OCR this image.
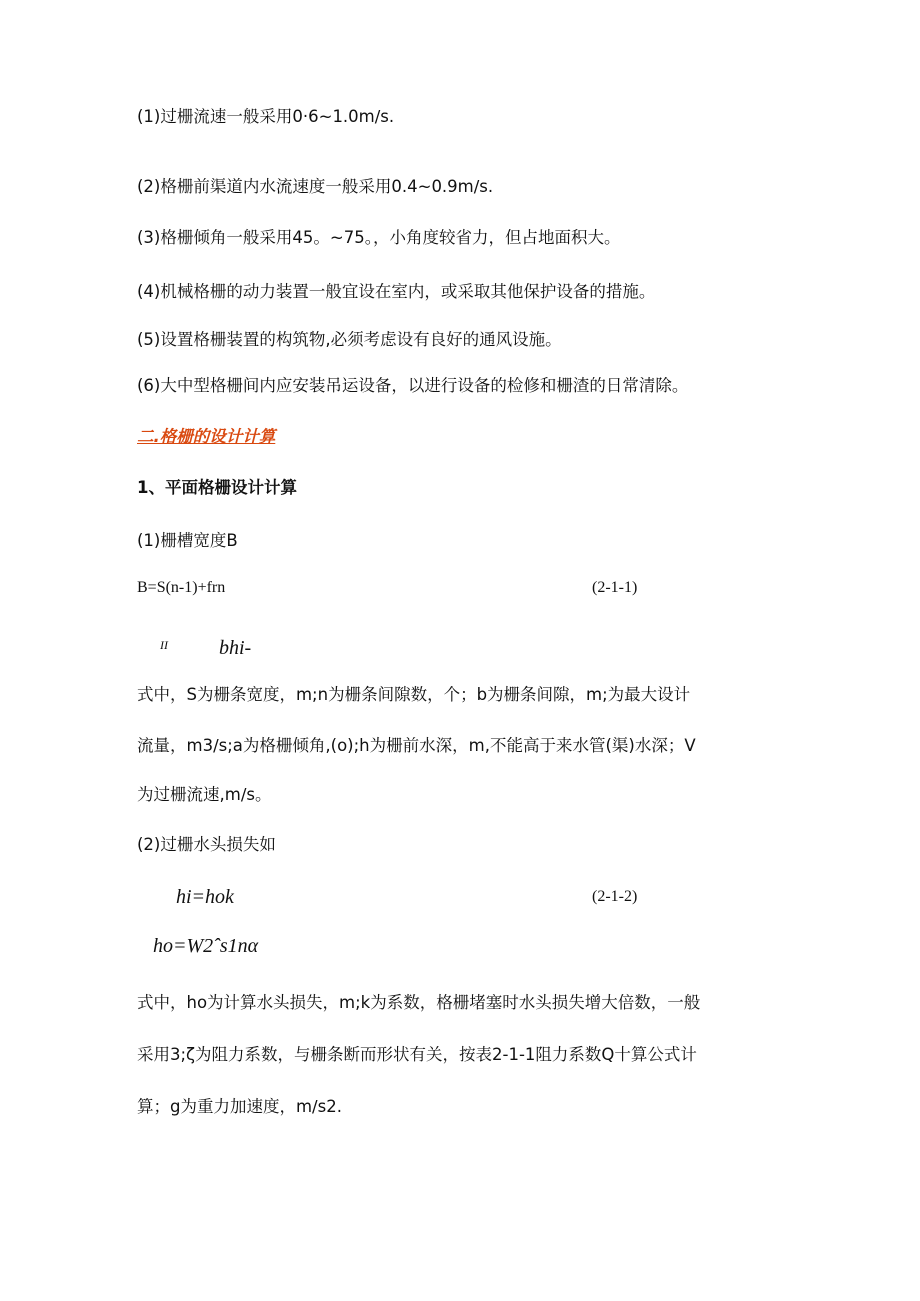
(1)过栅流速一般采用0·6~1.0m∕s.
(2)格栅前渠道内水流速度一般采用0.4~0.9m∕s.
(3)格栅倾角一般采用45。~75。，小角度较省力，但占地面积大。
(4)机械格栅的动力装置一般宜设在室内，或采取其他保护设备的措施。
(5)设置格栅装置的构筑物,必须考虑设有良好的通风设施。
(6)大中型格栅间内应安装吊运设备，以进行设备的检修和栅渣的日常清除。
二.格栅的设计计算
1、平面格栅设计计算
(1)栅槽宽度B
B=S(n-1)+frn	(2-1-1)
II	bhi-
式中，S为栅条宽度，m;n为栅条间隙数，个；b为栅条间隙，m;为最大设计
流量，m3∕s;a为格栅倾角,(o);h为栅前水深，m,不能高于来水管(渠)水深；V
为过栅流速,m∕s。
(2)过栅水头损失如
hi=hok	(2-1-2)
ho=W2ˆs1nα
式中，ho为计算水头损失，m;k为系数，格栅堵塞时水头损失增大倍数，一般
采用3;ζ为阻力系数，与栅条断而形状有关，按表2-1-1阻力系数Q十算公式计
算；g为重力加速度，m∕s2.
